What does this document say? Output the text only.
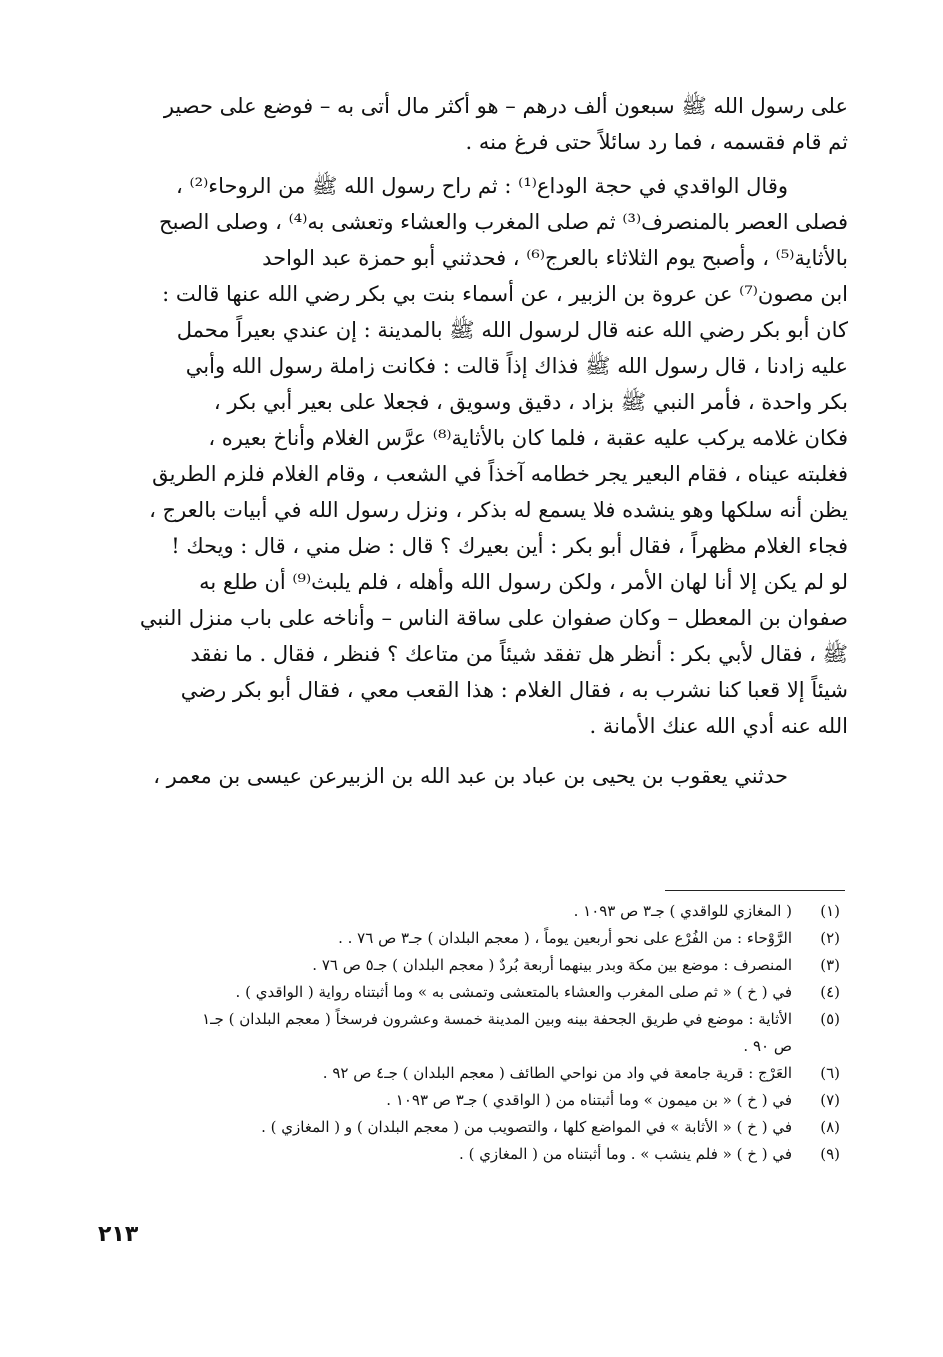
على رسول الله ﷺ سبعون ألف درهم – هو أكثر مال أتى به – فوضع على حصير
ثم قام فقسمه ، فما رد سائلاً حتى فرغ منه .
وقال الواقدي في حجة الوداع⁽¹⁾ : ثم راح رسول الله ﷺ من الروحاء⁽²⁾ ،
فصلى العصر بالمنصرف⁽³⁾ ثم صلى المغرب والعشاء وتعشى به⁽⁴⁾ ، وصلى الصبح
بالأثاية⁽⁵⁾ ، وأصبح يوم الثلاثاء بالعرج⁽⁶⁾ ، فحدثني أبو حمزة عبد الواحد
ابن مصون⁽⁷⁾ عن عروة بن الزبير ، عن أسماء بنت بي بكر رضي الله عنها قالت :
كان أبو بكر رضي الله عنه قال لرسول الله ﷺ بالمدينة : إن عندي بعيراً محمل
عليه زادنا ، قال رسول الله ﷺ فذاك إذاً قالت : فكانت زاملة رسول الله وأبي
بكر واحدة ، فأمر النبي ﷺ بزاد ، دقيق وسويق ، فجعلا على بعير أبي بكر ،
فكان غلامه يركب عليه عقبة ، فلما كان بالأثاية⁽⁸⁾ عرَّس الغلام وأناخ بعيره ،
فغلبته عيناه ، فقام البعير يجر خطامه آخذاً في الشعب ، وقام الغلام فلزم الطريق
يظن أنه سلكها وهو ينشده فلا يسمع له بذكر ، ونزل رسول الله في أبيات بالعرج ،
فجاء الغلام مظهراً ، فقال أبو بكر : أين بعيرك ؟ قال : ضل مني ، قال : ويحك !
لو لم يكن إلا أنا لهان الأمر ، ولكن رسول الله وأهله ، فلم يلبث⁽⁹⁾ أن طلع به
صفوان بن المعطل – وكان صفوان على ساقة الناس – وأناخه على باب منزل النبي
ﷺ ، فقال لأبي بكر : أنظر هل تفقد شيئاً من متاعك ؟ فنظر ، فقال . ما نفقد
شيئاً إلا قعبا كنا نشرب به ، فقال الغلام : هذا القعب معي ، فقال أبو بكر رضي
الله عنه أدي الله عنك الأمانة .
حدثني يعقوب بن يحيى بن عباد بن عبد الله بن الزبيرعن عيسى بن معمر ،
(١)
( المغازي للواقدي ) جـ٣ ص ١٠٩٣ .
(٢)
الرَّوْحاء : من الفُرْع على نحو أربعين يوماً ، ( معجم البلدان ) جـ٣ ص ٧٦ . .
(٣)
المنصرف : موضع بين مكة وبدر بينهما أربعة بُردٌ ( معجم البلدان ) جـ٥ ص ٧٦ .
(٤)
في ( خ ) « ثم صلى المغرب والعشاء بالمتعشى وتمشى به » وما أثبتناه رواية ( الواقدي ) .
(٥)
الأثاية : موضع في طريق الجحفة بينه وبين المدينة خمسة وعشرون فرسخاً ( معجم البلدان ) جـ١
ص ٩٠ .
(٦)
العَرْج : قرية جامعة في واد من نواحي الطائف ( معجم البلدان ) جـ٤ ص ٩٢ .
(٧)
في ( خ ) « بن ميمون » وما أثبتناه من ( الواقدي ) جـ٣ ص ١٠٩٣ .
(٨)
في ( خ ) « الأثابة » في المواضع كلها ، والتصويب من ( معجم البلدان ) و ( المغازي ) .
(٩)
في ( خ ) « فلم ينشب » . وما أثبتناه من ( المغازي ) .
٢١٣
